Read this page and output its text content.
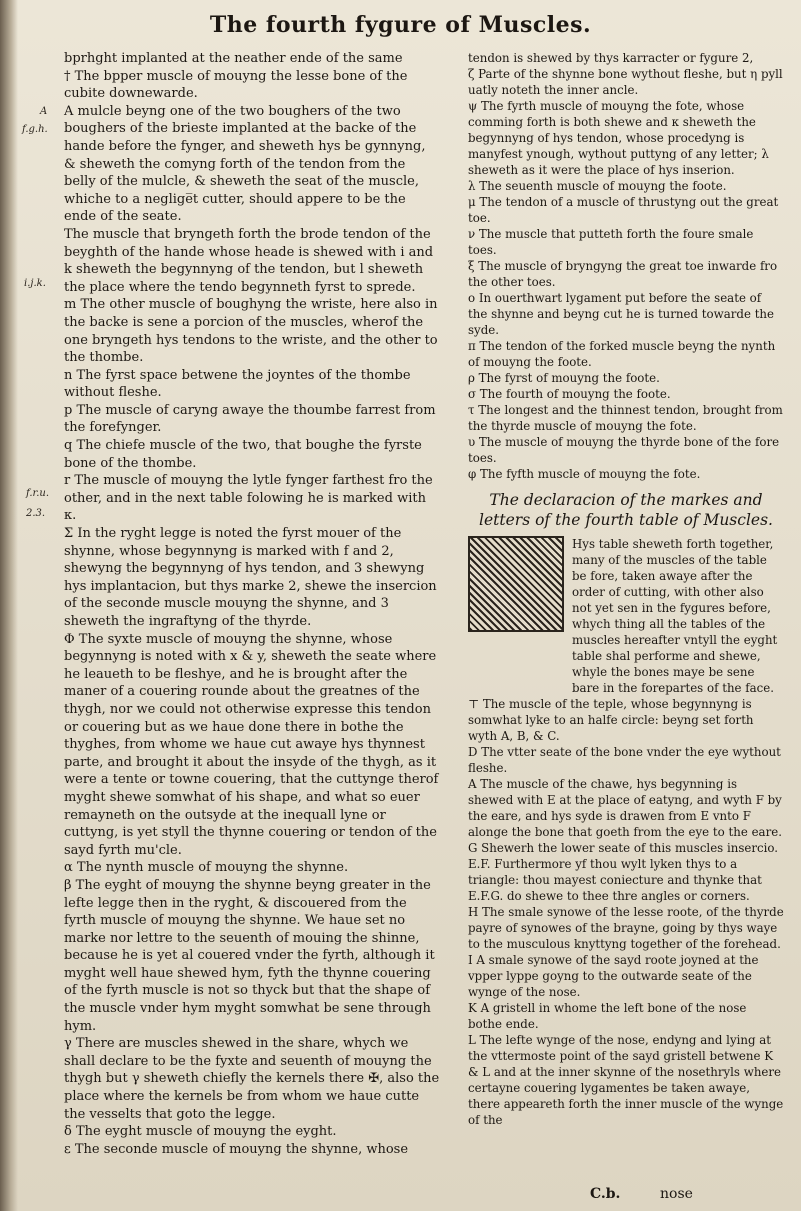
The fourth fygure of Muscles.
A
f.g.h.
i.j.k.
f.r.u.
2.3.

bprhght implanted at the neather ende of the same

† The bpper muscle of mouyng the lesse bone of the cubite downewarde.

A mulcle beyng one of the two boughers of the two boughers of the brieste implanted at the backe of the hande before the fynger, and sheweth hys be gynnyng, & sheweth the comyng forth of the tendon from the belly of the mulcle, & sheweth the seat of the muscle, whiche to a neglige̅t cutter, should appere to be the ende of the seate.

The muscle that bryngeth forth the brode tendon of the beyghth of the hande whose heade is shewed with i and k sheweth the begynnyng of the tendon, but l sheweth the place where the tendo begynneth fyrst to sprede.

m The other muscle of boughyng the wriste, here also in the backe is sene a porcion of the muscles, wherof the one bryngeth hys tendons to the wriste, and the other to the thombe.

n The fyrst space betwene the joyntes of the thombe without fleshe.

p The muscle of caryng awaye the thoumbe farrest from the forefynger.

q The chiefe muscle of the two, that boughe the fyrste bone of the thombe.

r The muscle of mouyng the lytle fynger farthest fro the other, and in the next table folowing he is marked with κ.

Σ In the ryght legge is noted the fyrst mouer of the shynne, whose begynnyng is marked with f and 2, shewyng the begynnyng of hys tendon, and 3 shewyng hys implantacion, but thys marke 2, shewe the insercion of the seconde muscle mouyng the shynne, and 3 sheweth the ingraftyng of the thyrde.

Φ The syxte muscle of mouyng the shynne, whose begynnyng is noted with x & y, sheweth the seate where he leaueth to be fleshye, and he is brought after the maner of a couering rounde about the greatnes of the thygh, nor we could not otherwise expresse this tendon or couering but as we haue done there in bothe the thyghes, from whome we haue cut awaye hys thynnest parte, and brought it about the insyde of the thygh, as it were a tente or towne couering, that the cuttynge therof myght shewe somwhat of his shape, and what so euer remayneth on the outsyde at the inequall lyne or cuttyng, is yet styll the thynne couering or tendon of the sayd fyrth mu'cle.

α The nynth muscle of mouyng the shynne.

β The eyght of mouyng the shynne beyng greater in the lefte legge then in the ryght, & discouered from the fyrth muscle of mouyng the shynne. We haue set no marke nor lettre to the seuenth of mouing the shinne, because he is yet al couered vnder the fyrth, although it myght well haue shewed hym, fyth the thynne couering of the fyrth muscle is not so thyck but that the shape of the muscle vnder hym myght somwhat be sene through hym.

γ There are muscles shewed in the share, whych we shall declare to be the fyxte and seuenth of mouyng the thygh but γ sheweth chiefly the kernels there ✠, also the place where the kernels be from whom we haue cutte the vesselts that goto the legge.

δ The eyght muscle of mouyng the eyght.

ε The seconde muscle of mouyng the shynne, whose

tendon is shewed by thys karracter or fygure 2,

ζ Parte of the shynne bone wythout fleshe, but η pyll uatly noteth the inner ancle.

ψ The fyrth muscle of mouyng the fote, whose comming forth is both shewe and κ sheweth the begynnyng of hys tendon, whose procedyng is manyfest ynough, wythout puttyng of any letter; λ sheweth as it were the place of hys inserion.

λ The seuenth muscle of mouyng the foote.

μ The tendon of a muscle of thrustyng out the great toe.

ν The muscle that putteth forth the foure smale toes.

ξ The muscle of bryngyng the great toe inwarde fro the other toes.

ο In ouerthwart lygament put before the seate of the shynne and beyng cut he is turned towarde the syde.

π The tendon of the forked muscle beyng the nynth of mouyng the foote.

ρ The fyrst of mouyng the foote.

σ The fourth of mouyng the foote.

τ The longest and the thinnest tendon, brought from the thyrde muscle of mouyng the fote.

υ The muscle of mouyng the thyrde bone of the fore toes.

φ The fyfth muscle of mouyng the fote.

The declaracion of the markes and letters of the fourth table of Muscles.
Hys table sheweth forth together, many of the muscles of the table be fore, taken awaye after the order of cutting, with other also not yet sen in the fygures before, whych thing all the tables of the muscles hereafter vntyll the eyght table shal performe and shewe, whyle the bones maye be sene bare in the forepartes of the face.

⊤ The muscle of the teple, whose begynnyng is somwhat lyke to an halfe circle: beyng set forth wyth A, B, & C.

D The vtter seate of the bone vnder the eye wythout fleshe.

A The muscle of the chawe, hys begynning is shewed with E at the place of eatyng, and wyth F by the eare, and hys syde is drawen from E vnto F alonge the bone that goeth from the eye to the eare.

G Shewerh the lower seate of this muscles insercio.

E.F. Furthermore yf thou wylt lyken thys to a triangle: thou mayest coniecture and thynke that E.F.G. do shewe to thee thre angles or corners.

H The smale synowe of the lesse roote, of the thyrde payre of synowes of the brayne, going by thys waye to the musculous knyttyng together of the forehead.

I A smale synowe of the sayd roote joyned at the vpper lyppe goyng to the outwarde seate of the wynge of the nose.

K A gristell in whome the left bone of the nose bothe ende.

L The lefte wynge of the nose, endyng and lying at the vttermoste point of the sayd gristell betwene K & L and at the inner skynne of the nosethryls where certayne couering lygamentes be taken awaye, there appeareth forth the inner muscle of the wynge of the

C.b.	nose
